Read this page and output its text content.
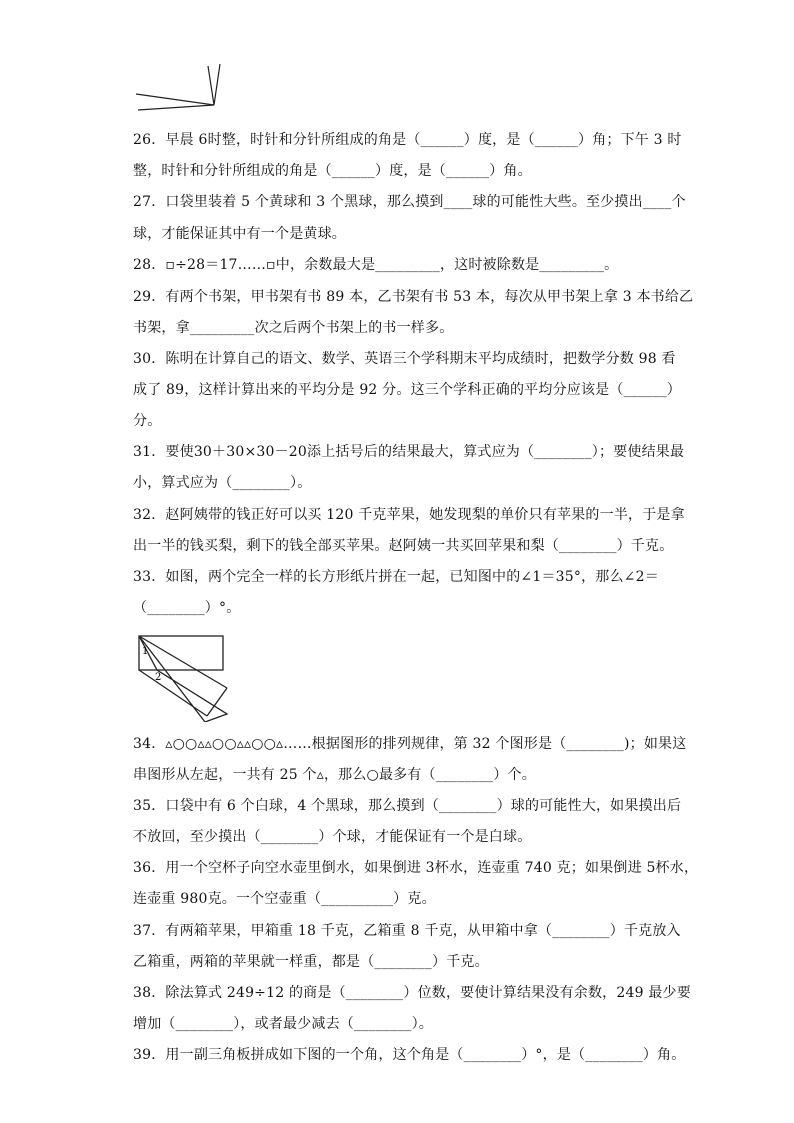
26．早晨 6时整，时针和分针所组成的角是（______）度，是（______）角；下午 3 时
整，时针和分针所组成的角是（______）度，是（______）角。
27．口袋里装着 5 个黄球和 3 个黑球，那么摸到____球的可能性大些。至少摸出____个
球，才能保证其中有一个是黄球。
28．▫÷28＝17……▫中，余数最大是_________，这时被除数是_________。
29．有两个书架，甲书架有书 89 本，乙书架有书 53 本，每次从甲书架上拿 3 本书给乙
书架，拿_________次之后两个书架上的书一样多。
30．陈明在计算自己的语文、数学、英语三个学科期末平均成绩时，把数学分数 98 看
成了 89，这样计算出来的平均分是 92 分。这三个学科正确的平均分应该是（______）
分。
31．要使30＋30×30－20添上括号后的结果最大，算式应为（________）；要使结果最
小，算式应为（________）。
32．赵阿姨带的钱正好可以买 120 千克苹果，她发现梨的单价只有苹果的一半，于是拿
出一半的钱买梨，剩下的钱全部买苹果。赵阿姨一共买回苹果和梨（________）千克。
33．如图，两个完全一样的长方形纸片拼在一起，已知图中的∠1＝35°，那么∠2＝
（________）°。
1
2
34．▵○○▵▵○○▵▵○○▵……根据图形的排列规律，第 32 个图形是（________)；如果这
串图形从左起，一共有 25 个▵，那么○最多有（________）个。
35．口袋中有 6 个白球，4 个黑球，那么摸到（________）球的可能性大，如果摸出后
不放回，至少摸出（________）个球，才能保证有一个是白球。
36．用一个空杯子向空水壶里倒水，如果倒进 3杯水，连壶重 740 克；如果倒进 5杯水，
连壶重 980克。一个空壶重（__________）克。
37．有两箱苹果，甲箱重 18 千克，乙箱重 8 千克，从甲箱中拿（________）千克放入
乙箱重，两箱的苹果就一样重，都是（________）千克。
38．除法算式 249÷12 的商是（________）位数，要使计算结果没有余数，249 最少要
增加（________），或者最少减去（________）。
39．用一副三角板拼成如下图的一个角，这个角是（________）°，是（________）角。
